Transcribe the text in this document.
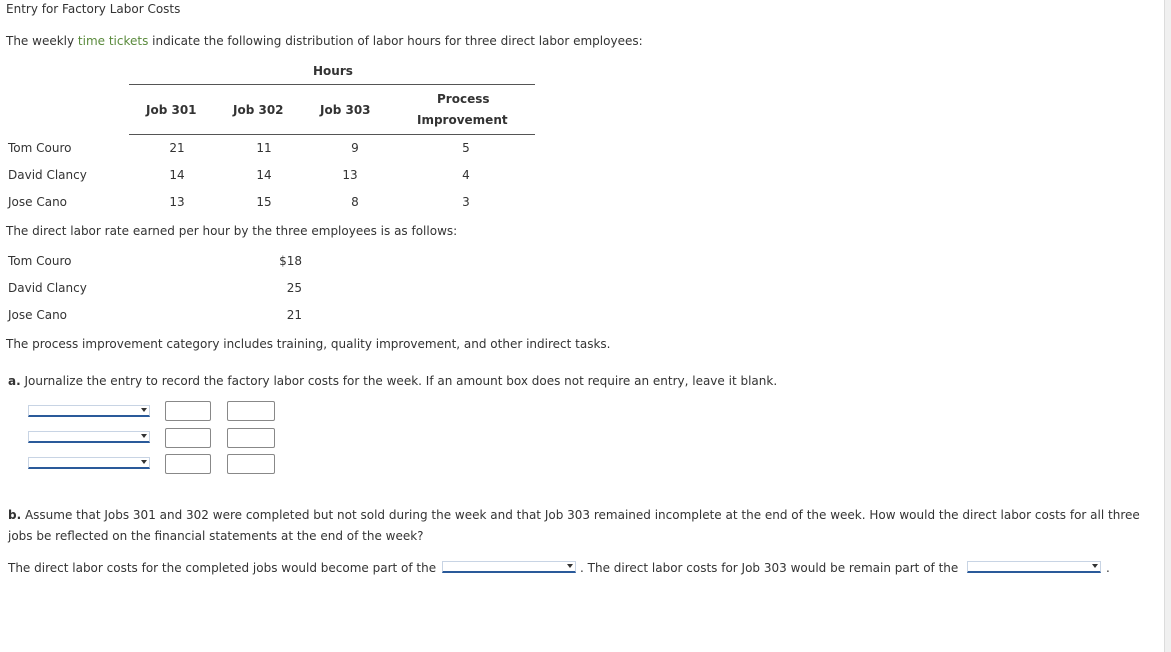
Entry for Factory Labor Costs
The weekly time tickets indicate the following distribution of labor hours for three direct labor employees:
Hours
Job 301	Job 302	Job 303
Process
Improvement
Tom Couro	21	11	9	5
David Clancy	14	14	13	4
Jose Cano	13	15	8	3
The direct labor rate earned per hour by the three employees is as follows:
Tom Couro	$18
David Clancy	25
Jose Cano	21
The process improvement category includes training, quality improvement, and other indirect tasks.
a. Journalize the entry to record the factory labor costs for the week. If an amount box does not require an entry, leave it blank.
b. Assume that Jobs 301 and 302 were completed but not sold during the week and that Job 303 remained incomplete at the end of the week. How would the direct labor costs for all three
jobs be reflected on the financial statements at the end of the week?
The direct labor costs for the completed jobs would become part of the	. The direct labor costs for Job 303 would be remain part of the	.
